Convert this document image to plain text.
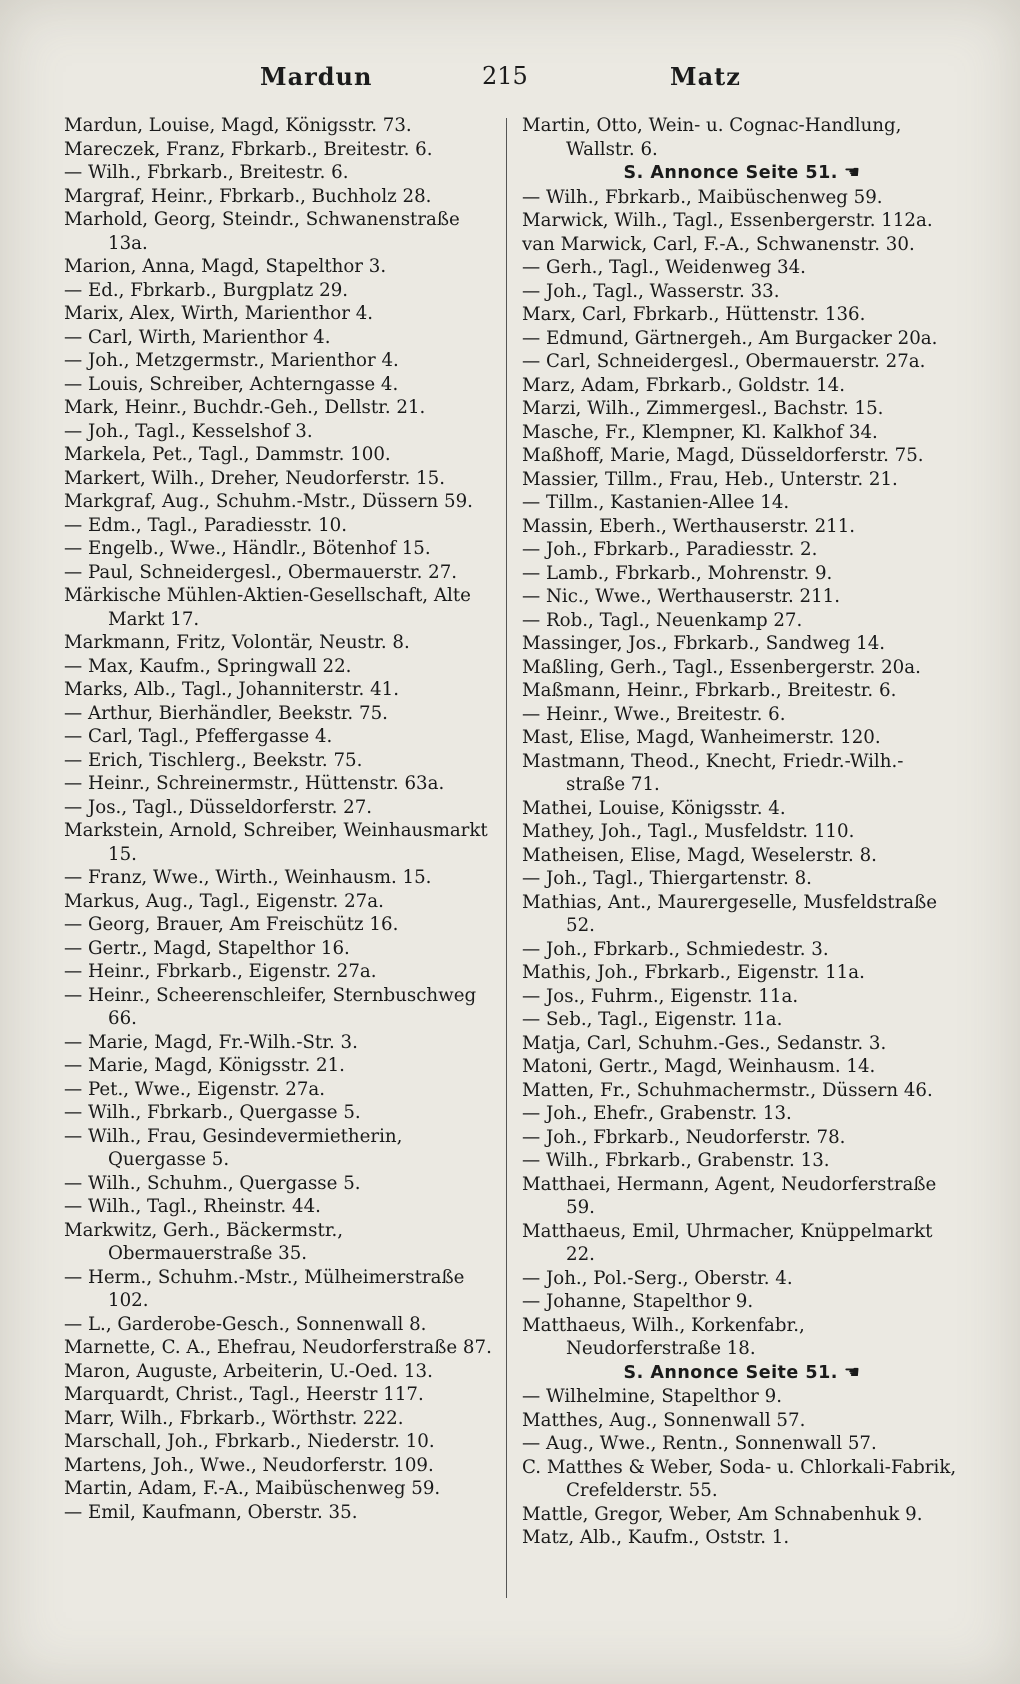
Mardun	215	Matz
Mardun, Louise, Magd, Königsstr. 73.
Mareczek, Franz, Fbrkarb., Breitestr. 6.
— Wilh., Fbrkarb., Breitestr. 6.
Margraf, Heinr., Fbrkarb., Buchholz 28.
Marhold, Georg, Steindr., Schwanenstraße 13a.
Marion, Anna, Magd, Stapelthor 3.
— Ed., Fbrkarb., Burgplatz 29.
Marix, Alex, Wirth, Marienthor 4.
— Carl, Wirth, Marienthor 4.
— Joh., Metzgermstr., Marienthor 4.
— Louis, Schreiber, Achterngasse 4.
Mark, Heinr., Buchdr.-Geh., Dellstr. 21.
— Joh., Tagl., Kesselshof 3.
Markela, Pet., Tagl., Dammstr. 100.
Markert, Wilh., Dreher, Neudorferstr. 15.
Markgraf, Aug., Schuhm.-Mstr., Düssern 59.
— Edm., Tagl., Paradiesstr. 10.
— Engelb., Wwe., Händlr., Bötenhof 15.
— Paul, Schneidergesl., Obermauerstr. 27.
Märkische Mühlen-Aktien-Gesellschaft, Alte Markt 17.
Markmann, Fritz, Volontär, Neustr. 8.
— Max, Kaufm., Springwall 22.
Marks, Alb., Tagl., Johanniterstr. 41.
— Arthur, Bierhändler, Beekstr. 75.
— Carl, Tagl., Pfeffergasse 4.
— Erich, Tischlerg., Beekstr. 75.
— Heinr., Schreinermstr., Hüttenstr. 63a.
— Jos., Tagl., Düsseldorferstr. 27.
Markstein, Arnold, Schreiber, Weinhausmarkt 15.
— Franz, Wwe., Wirth., Weinhausm. 15.
Markus, Aug., Tagl., Eigenstr. 27a.
— Georg, Brauer, Am Freischütz 16.
— Gertr., Magd, Stapelthor 16.
— Heinr., Fbrkarb., Eigenstr. 27a.
— Heinr., Scheerenschleifer, Sternbuschweg 66.
— Marie, Magd, Fr.-Wilh.-Str. 3.
— Marie, Magd, Königsstr. 21.
— Pet., Wwe., Eigenstr. 27a.
— Wilh., Fbrkarb., Quergasse 5.
— Wilh., Frau, Gesindevermietherin, Quergasse 5.
— Wilh., Schuhm., Quergasse 5.
— Wilh., Tagl., Rheinstr. 44.
Markwitz, Gerh., Bäckermstr., Obermauerstraße 35.
— Herm., Schuhm.-Mstr., Mülheimerstraße 102.
— L., Garderobe-Gesch., Sonnenwall 8.
Marnette, C. A., Ehefrau, Neudorferstraße 87.
Maron, Auguste, Arbeiterin, U.-Oed. 13.
Marquardt, Christ., Tagl., Heerstr 117.
Marr, Wilh., Fbrkarb., Wörthstr. 222.
Marschall, Joh., Fbrkarb., Niederstr. 10.
Martens, Joh., Wwe., Neudorferstr. 109.
Martin, Adam, F.-A., Maibüschenweg 59.
— Emil, Kaufmann, Oberstr. 35.
Martin, Otto, Wein- u. Cognac-Handlung, Wallstr. 6.
S. Annonce Seite 51. ☚
— Wilh., Fbrkarb., Maibüschenweg 59.
Marwick, Wilh., Tagl., Essenbergerstr. 112a.
van Marwick, Carl, F.-A., Schwanenstr. 30.
— Gerh., Tagl., Weidenweg 34.
— Joh., Tagl., Wasserstr. 33.
Marx, Carl, Fbrkarb., Hüttenstr. 136.
— Edmund, Gärtnergeh., Am Burgacker 20a.
— Carl, Schneidergesl., Obermauerstr. 27a.
Marz, Adam, Fbrkarb., Goldstr. 14.
Marzi, Wilh., Zimmergesl., Bachstr. 15.
Masche, Fr., Klempner, Kl. Kalkhof 34.
Maßhoff, Marie, Magd, Düsseldorferstr. 75.
Massier, Tillm., Frau, Heb., Unterstr. 21.
— Tillm., Kastanien-Allee 14.
Massin, Eberh., Werthauserstr. 211.
— Joh., Fbrkarb., Paradiesstr. 2.
— Lamb., Fbrkarb., Mohrenstr. 9.
— Nic., Wwe., Werthauserstr. 211.
— Rob., Tagl., Neuenkamp 27.
Massinger, Jos., Fbrkarb., Sandweg 14.
Maßling, Gerh., Tagl., Essenbergerstr. 20a.
Maßmann, Heinr., Fbrkarb., Breitestr. 6.
— Heinr., Wwe., Breitestr. 6.
Mast, Elise, Magd, Wanheimerstr. 120.
Mastmann, Theod., Knecht, Friedr.-Wilh.-straße 71.
Mathei, Louise, Königsstr. 4.
Mathey, Joh., Tagl., Musfeldstr. 110.
Matheisen, Elise, Magd, Weselerstr. 8.
— Joh., Tagl., Thiergartenstr. 8.
Mathias, Ant., Maurergeselle, Musfeldstraße 52.
— Joh., Fbrkarb., Schmiedestr. 3.
Mathis, Joh., Fbrkarb., Eigenstr. 11a.
— Jos., Fuhrm., Eigenstr. 11a.
— Seb., Tagl., Eigenstr. 11a.
Matja, Carl, Schuhm.-Ges., Sedanstr. 3.
Matoni, Gertr., Magd, Weinhausm. 14.
Matten, Fr., Schuhmachermstr., Düssern 46.
— Joh., Ehefr., Grabenstr. 13.
— Joh., Fbrkarb., Neudorferstr. 78.
— Wilh., Fbrkarb., Grabenstr. 13.
Matthaei, Hermann, Agent, Neudorferstraße 59.
Matthaeus, Emil, Uhrmacher, Knüppelmarkt 22.
— Joh., Pol.-Serg., Oberstr. 4.
— Johanne, Stapelthor 9.
Matthaeus, Wilh., Korkenfabr., Neudorferstraße 18.
S. Annonce Seite 51. ☚
— Wilhelmine, Stapelthor 9.
Matthes, Aug., Sonnenwall 57.
— Aug., Wwe., Rentn., Sonnenwall 57.
C. Matthes & Weber, Soda- u. Chlorkali-Fabrik, Crefelderstr. 55.
Mattle, Gregor, Weber, Am Schnabenhuk 9.
Matz, Alb., Kaufm., Oststr. 1.
